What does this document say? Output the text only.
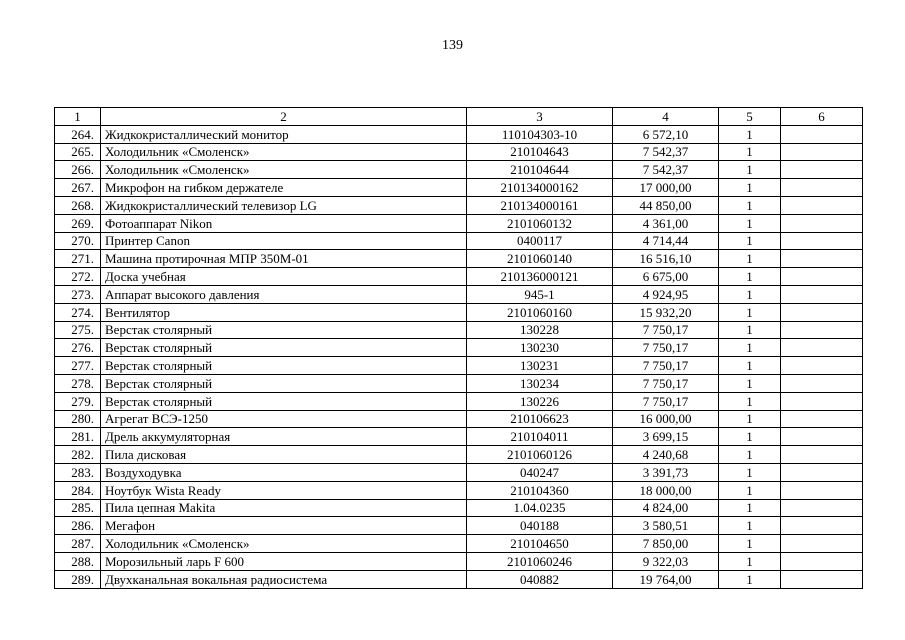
139
1	2	3	4	5	6
264.	Жидкокристаллический монитор	110104303-10	6 572,10	1	
265.	Холодильник «Смоленск»	210104643	7 542,37	1	
266.	Холодильник «Смоленск»	210104644	7 542,37	1	
267.	Микрофон на гибком держателе	210134000162	17 000,00	1	
268.	Жидкокристаллический телевизор LG	210134000161	44 850,00	1	
269.	Фотоаппарат Nikon	2101060132	4 361,00	1	
270.	Принтер Canon	0400117	4 714,44	1	
271.	Машина протирочная МПР 350М-01	2101060140	16 516,10	1	
272.	Доска учебная	210136000121	6 675,00	1	
273.	Аппарат высокого давления	945-1	4 924,95	1	
274.	Вентилятор	2101060160	15 932,20	1	
275.	Верстак столярный	130228	7 750,17	1	
276.	Верстак столярный	130230	7 750,17	1	
277.	Верстак столярный	130231	7 750,17	1	
278.	Верстак столярный	130234	7 750,17	1	
279.	Верстак столярный	130226	7 750,17	1	
280.	Агрегат ВСЭ-1250	210106623	16 000,00	1	
281.	Дрель аккумуляторная	210104011	3 699,15	1	
282.	Пила дисковая	2101060126	4 240,68	1	
283.	Воздуходувка	040247	3 391,73	1	
284.	Ноутбук Wista Ready	210104360	18 000,00	1	
285.	Пила цепная Makita	1.04.0235	4 824,00	1	
286.	Мегафон	040188	3 580,51	1	
287.	Холодильник «Смоленск»	210104650	7 850,00	1	
288.	Морозильный ларь F 600	2101060246	9 322,03	1	
289.	Двухканальная вокальная радиосистема	040882	19 764,00	1	
